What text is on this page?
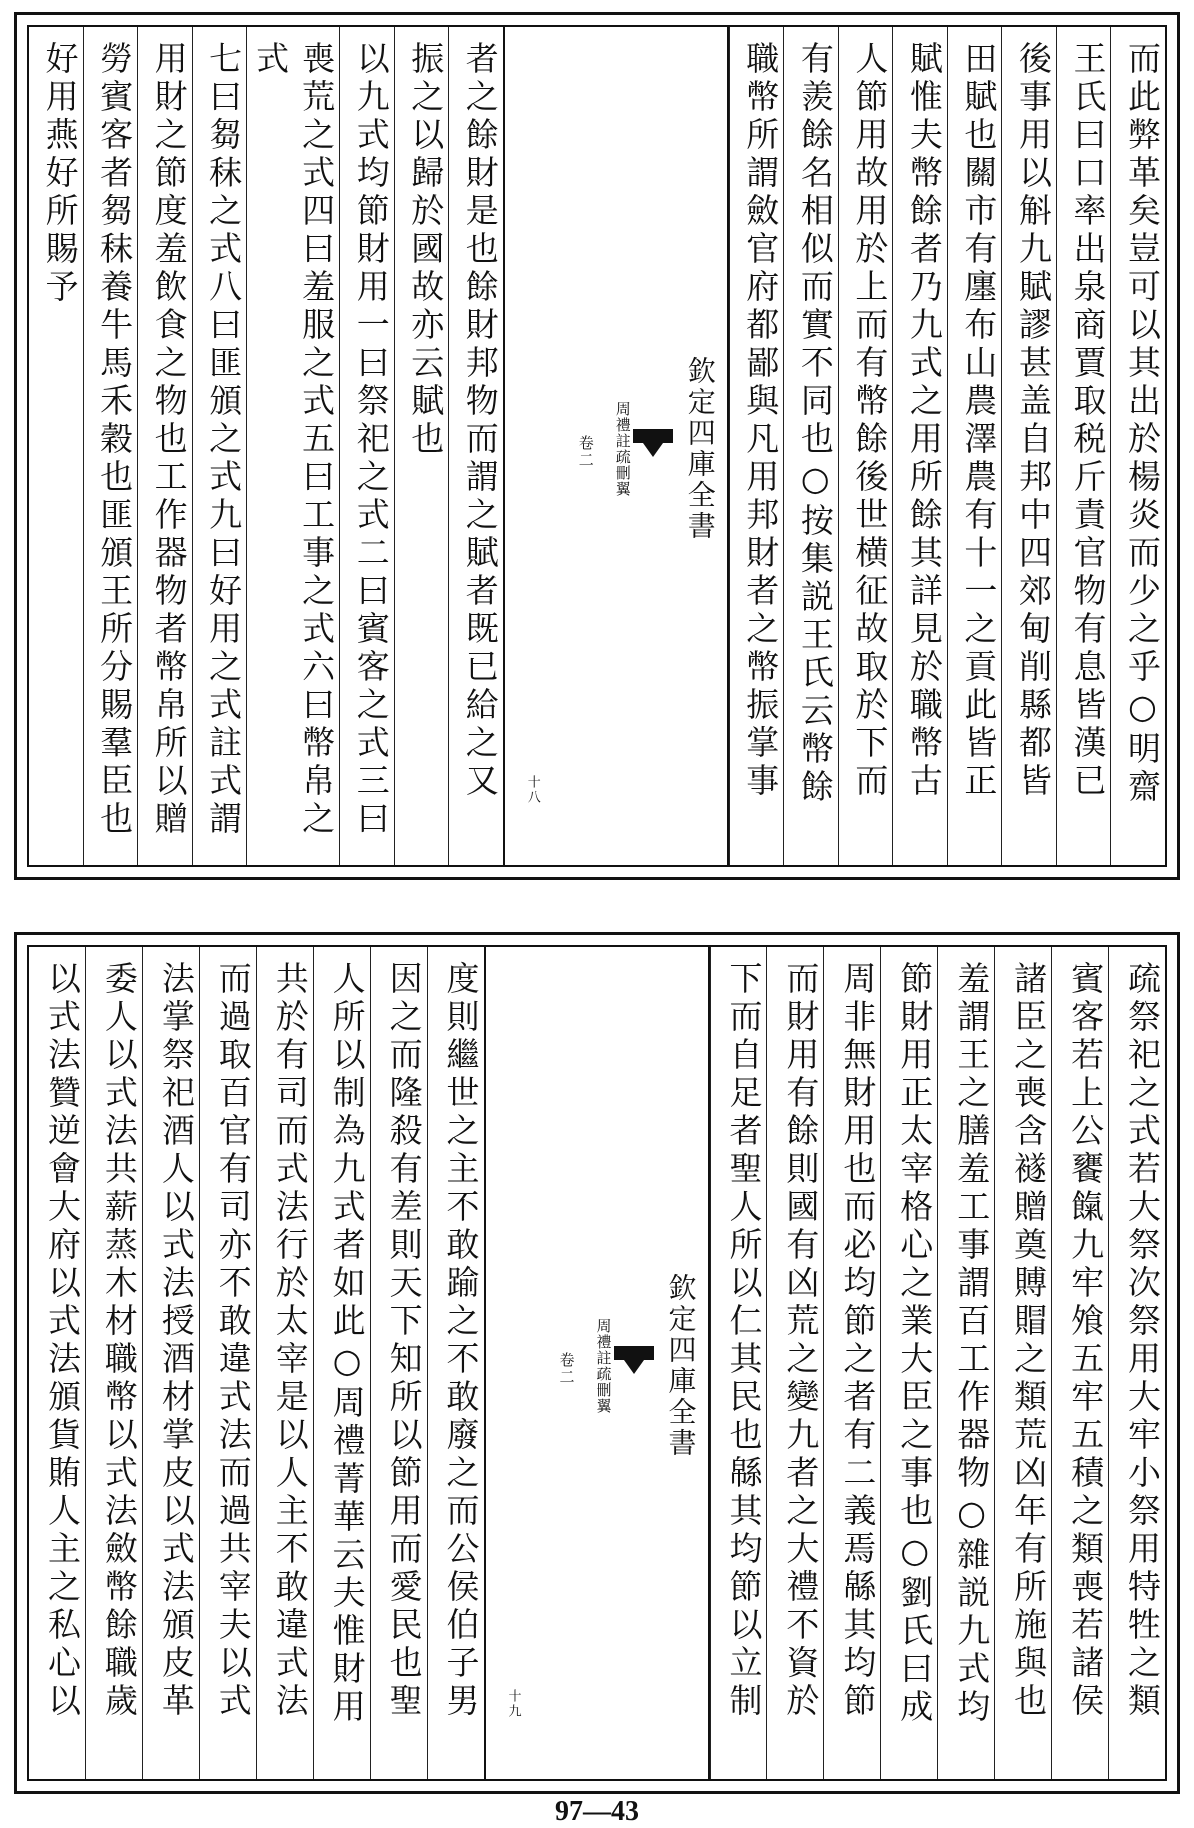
而此弊革矣豈可以其出於楊炎而少之乎○明齋
王氏曰口率出泉商賈取税斤責官物有息皆漢已
後事用以斛九賦謬甚盖自邦中四郊甸削縣都皆
田賦也關市有廛布山農澤農有十一之貢此皆正
賦惟夫幣餘者乃九式之用所餘其詳見於職幣古
人節用故用於上而有幣餘後世横征故取於下而
有羨餘名相似而實不同也○按集説王氏云幣餘
職幣所謂斂官府都鄙與凡用邦財者之幣振掌事
欽定四庫全書
周禮註疏刪翼
卷二
十八
者之餘財是也餘財邦物而謂之賦者既已給之又
振之以歸於國故亦云賦也
以九式均節財用一曰祭祀之式二曰賓客之式三曰
喪荒之式四曰羞服之式五曰工事之式六曰幣帛之式
七曰芻秣之式八曰匪頒之式九曰好用之式註式謂
用財之節度羞飲食之物也工作器物者幣帛所以贈
勞賓客者芻秣養牛馬禾穀也匪頒王所分賜羣臣也
好用燕好所賜予
疏祭祀之式若大祭次祭用大牢小祭用特牲之類
賓客若上公饔餼九牢飧五牢五積之類喪若諸侯
諸臣之喪含襚贈奠賻賵之類荒凶年有所施與也
羞謂王之膳羞工事謂百工作器物○雜説九式均
節財用正太宰格心之業大臣之事也○劉氏曰成
周非無財用也而必均節之者有二義焉緜其均節
而財用有餘則國有凶荒之變九者之大禮不資於
下而自足者聖人所以仁其民也緜其均節以立制
欽定四庫全書
周禮註疏刪翼
卷二
十九
度則繼世之主不敢踰之不敢廢之而公侯伯子男
因之而隆殺有差則天下知所以節用而愛民也聖
人所以制為九式者如此○周禮菁華云夫惟財用
共於有司而式法行於太宰是以人主不敢違式法
而過取百官有司亦不敢違式法而過共宰夫以式
法掌祭祀酒人以式法授酒材掌皮以式法頒皮革
委人以式法共薪蒸木材職幣以式法斂幣餘職歲
以式法贊逆會大府以式法頒貨賄人主之私心以
97—43
